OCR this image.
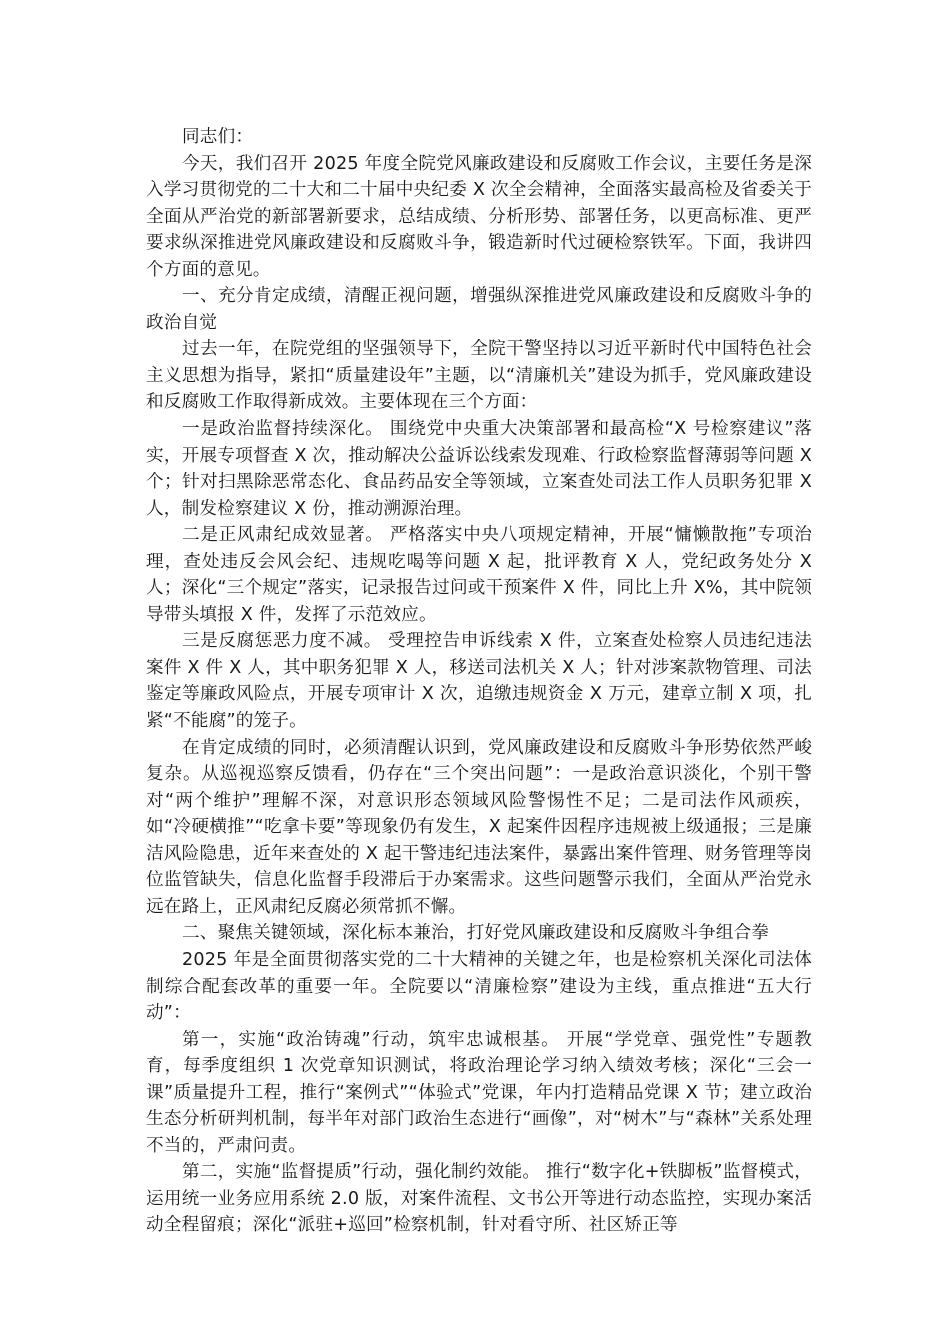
同志们：

今天，我们召开 2025 年度全院党风廉政建设和反腐败工作会议，主要任务是深入学习贯彻党的二十大和二十届中央纪委 X 次全会精神，全面落实最高检及省委关于全面从严治党的新部署新要求，总结成绩、分析形势、部署任务，以更高标准、更严要求纵深推进党风廉政建设和反腐败斗争，锻造新时代过硬检察铁军。下面，我讲四个方面的意见。

一、充分肯定成绩，清醒正视问题，增强纵深推进党风廉政建设和反腐败斗争的政治自觉

过去一年，在院党组的坚强领导下，全院干警坚持以习近平新时代中国特色社会主义思想为指导，紧扣“质量建设年”主题，以“清廉机关”建设为抓手，党风廉政建设和反腐败工作取得新成效。主要体现在三个方面：

一是政治监督持续深化。 围绕党中央重大决策部署和最高检“X 号检察建议”落实，开展专项督查 X 次，推动解决公益诉讼线索发现难、行政检察监督薄弱等问题 X 个；针对扫黑除恶常态化、食品药品安全等领域，立案查处司法工作人员职务犯罪 X 人，制发检察建议 X 份，推动溯源治理。

二是正风肃纪成效显著。 严格落实中央八项规定精神，开展“慵懒散拖”专项治理，查处违反会风会纪、违规吃喝等问题 X 起，批评教育 X 人，党纪政务处分 X 人；深化“三个规定”落实，记录报告过问或干预案件 X 件，同比上升 X%，其中院领导带头填报 X 件，发挥了示范效应。

三是反腐惩恶力度不减。 受理控告申诉线索 X 件，立案查处检察人员违纪违法案件 X 件 X 人，其中职务犯罪 X 人，移送司法机关 X 人；针对涉案款物管理、司法鉴定等廉政风险点，开展专项审计 X 次，追缴违规资金 X 万元，建章立制 X 项，扎紧“不能腐”的笼子。

在肯定成绩的同时，必须清醒认识到，党风廉政建设和反腐败斗争形势依然严峻复杂。从巡视巡察反馈看，仍存在“三个突出问题”：一是政治意识淡化，个别干警对“两个维护”理解不深，对意识形态领域风险警惕性不足；二是司法作风顽疾，如“冷硬横推”“吃拿卡要”等现象仍有发生，X 起案件因程序违规被上级通报；三是廉洁风险隐患，近年来查处的 X 起干警违纪违法案件，暴露出案件管理、财务管理等岗位监管缺失，信息化监督手段滞后于办案需求。这些问题警示我们，全面从严治党永远在路上，正风肃纪反腐必须常抓不懈。

二、聚焦关键领域，深化标本兼治，打好党风廉政建设和反腐败斗争组合拳

2025 年是全面贯彻落实党的二十大精神的关键之年，也是检察机关深化司法体制综合配套改革的重要一年。全院要以“清廉检察”建设为主线，重点推进“五大行动”：

第一，实施“政治铸魂”行动，筑牢忠诚根基。 开展“学党章、强党性”专题教育，每季度组织 1 次党章知识测试，将政治理论学习纳入绩效考核；深化“三会一课”质量提升工程，推行“案例式”“体验式”党课，年内打造精品党课 X 节；建立政治生态分析研判机制，每半年对部门政治生态进行“画像”，对“树木”与“森林”关系处理不当的，严肃问责。

第二，实施“监督提质”行动，强化制约效能。 推行“数字化+铁脚板”监督模式，运用统一业务应用系统 2.0 版，对案件流程、文书公开等进行动态监控，实现办案活动全程留痕；深化“派驻+巡回”检察机制，针对看守所、社区矫正等
